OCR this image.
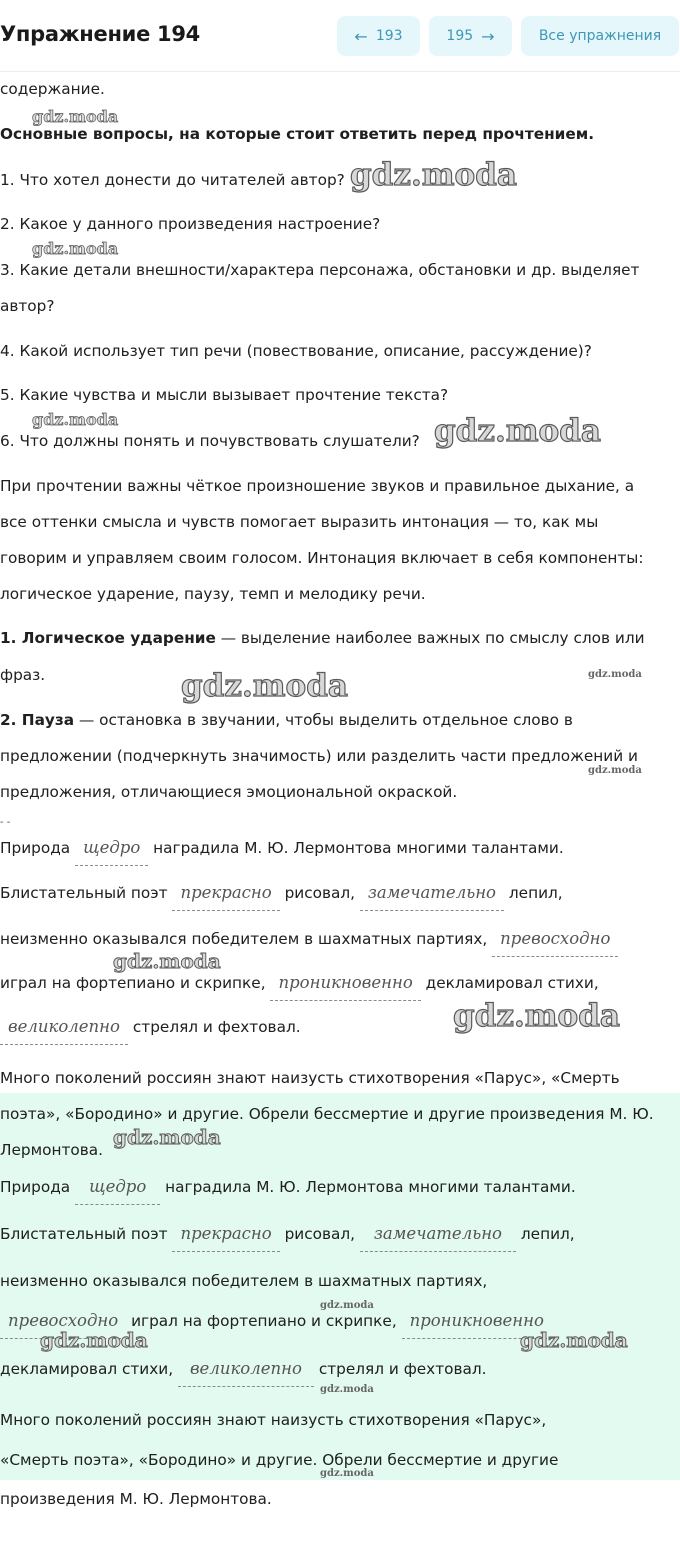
Упражнение 194	← 193	195 →	Все упражнения
содержание.
Основные вопросы, на которые стоит ответить перед прочтением.
1. Что хотел донести до читателей автор?
2. Какое у данного произведения настроение?
3. Какие детали внешности/характера персонажа, обстановки и др. выделяет
автор?
4. Какой использует тип речи (повествование, описание, рассуждение)?
5. Какие чувства и мысли вызывает прочтение текста?
6. Что должны понять и почувствовать слушатели?
При прочтении важны чёткое произношение звуков и правильное дыхание, а
все оттенки смысла и чувств помогает выразить интонация — то, как мы
говорим и управляем своим голосом. Интонация включает в себя компоненты:
логическое ударение, паузу, темп и мелодику речи.
1. Логическое ударение — выделение наиболее важных по смыслу слов или
фраз.
2. Пауза — остановка в звучании, чтобы выделить отдельное слово в
предложении (подчеркнуть значимость) или разделить части предложений и
предложения, отличающиеся эмоциональной окраской.
- -
Природа щедро наградила М. Ю. Лермонтова многими талантами.
Блистательный поэт прекрасно рисовал, замечательно лепил,
неизменно оказывался победителем в шахматных партиях, превосходно
играл на фортепиано и скрипке, проникновенно декламировал стихи,
великолепно стрелял и фехтовал.
Много поколений россиян знают наизусть стихотворения «Парус», «Смерть
поэта», «Бородино» и другие. Обрели бессмертие и другие произведения М. Ю.
Лермонтова.
Природа щедро наградила М. Ю. Лермонтова многими талантами.
Блистательный поэт прекрасно рисовал, замечательно лепил,
неизменно оказывался победителем в шахматных партиях,
превосходно играл на фортепиано и скрипке, проникновенно
декламировал стихи, великолепно стрелял и фехтовал.
Много поколений россиян знают наизусть стихотворения «Парус»,
«Смерть поэта», «Бородино» и другие. Обрели бессмертие и другие
произведения М. Ю. Лермонтова.
gdz.moda
gdz.moda
gdz.moda
gdz.moda	gdz.moda
gdz.moda	gdz.moda
gdz.moda
gdz.moda
gdz.moda
gdz.moda
gdz.moda
gdz.moda	gdz.moda
gdz.moda
gdz.moda
